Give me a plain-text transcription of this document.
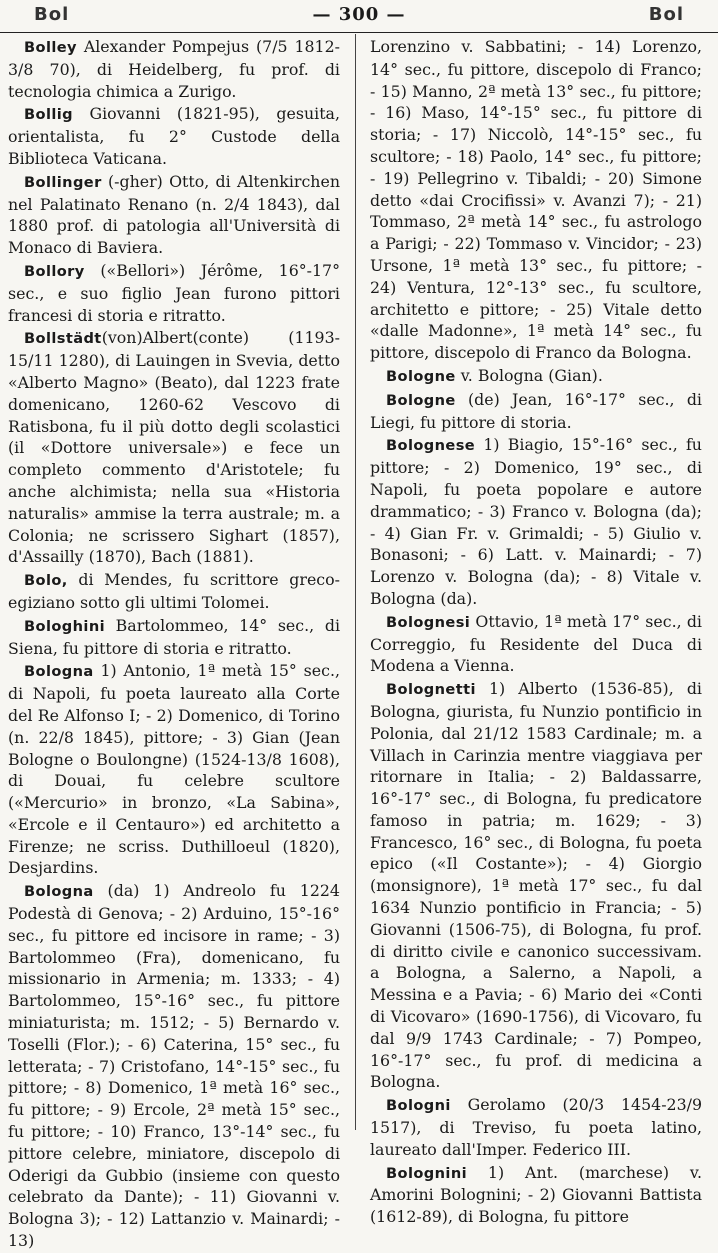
Bol	— 300 —	Bol

Bolley Alexander Pompejus (7/5 1812-3/8 70), di Heidelberg, fu prof. di tecnologia chimica a Zurigo.

Bollig Giovanni (1821-95), gesuita, orientalista, fu 2° Custode della Biblioteca Vaticana.

Bollinger (-gher) Otto, di Altenkirchen nel Palatinato Renano (n. 2/4 1843), dal 1880 prof. di patologia all'Università di Monaco di Baviera.

Bollory («Bellori») Jérôme, 16°-17° sec., e suo figlio Jean furono pittori francesi di storia e ritratto.

Bollstädt(von)Albert(conte) (1193-15/11 1280), di Lauingen in Svevia, detto «Alberto Magno» (Beato), dal 1223 frate domenicano, 1260-62 Vescovo di Ratisbona, fu il più dotto degli scolastici (il «Dottore universale») e fece un completo commento d'Aristotele; fu anche alchimista; nella sua «Historia naturalis» ammise la terra australe; m. a Colonia; ne scrissero Sighart (1857), d'Assailly (1870), Bach (1881).

Bolo, di Mendes, fu scrittore greco-egiziano sotto gli ultimi Tolomei.

Bologhini Bartolommeo, 14° sec., di Siena, fu pittore di storia e ritratto.

Bologna 1) Antonio, 1ª metà 15° sec., di Napoli, fu poeta laureato alla Corte del Re Alfonso I; - 2) Domenico, di Torino (n. 22/8 1845), pittore; - 3) Gian (Jean Bologne o Boulongne) (1524-13/8 1608), di Douai, fu celebre scultore («Mercurio» in bronzo, «La Sabina», «Ercole e il Centauro») ed architetto a Firenze; ne scriss. Duthilloeul (1820), Desjardins.

Bologna (da) 1) Andreolo fu 1224 Podestà di Genova; - 2) Arduino, 15°-16° sec., fu pittore ed incisore in rame; - 3) Bartolommeo (Fra), domenicano, fu missionario in Armenia; m. 1333; - 4) Bartolommeo, 15°-16° sec., fu pittore miniaturista; m. 1512; - 5) Bernardo v. Toselli (Flor.); - 6) Caterina, 15° sec., fu letterata; - 7) Cristofano, 14°-15° sec., fu pittore; - 8) Domenico, 1ª metà 16° sec., fu pittore; - 9) Ercole, 2ª metà 15° sec., fu pittore; - 10) Franco, 13°-14° sec., fu pittore celebre, miniatore, discepolo di Oderigi da Gubbio (insieme con questo celebrato da Dante); - 11) Giovanni v. Bologna 3); - 12) Lattanzio v. Mainardi; - 13)

Lorenzino v. Sabbatini; - 14) Lorenzo, 14° sec., fu pittore, discepolo di Franco; - 15) Manno, 2ª metà 13° sec., fu pittore; - 16) Maso, 14°-15° sec., fu pittore di storia; - 17) Niccolò, 14°-15° sec., fu scultore; - 18) Paolo, 14° sec., fu pittore; - 19) Pellegrino v. Tibaldi; - 20) Simone detto «dai Crocifissi» v. Avanzi 7); - 21) Tommaso, 2ª metà 14° sec., fu astrologo a Parigi; - 22) Tommaso v. Vincidor; - 23) Ursone, 1ª metà 13° sec., fu pittore; - 24) Ventura, 12°-13° sec., fu scultore, architetto e pittore; - 25) Vitale detto «dalle Madonne», 1ª metà 14° sec., fu pittore, discepolo di Franco da Bologna.

Bologne v. Bologna (Gian).

Bologne (de) Jean, 16°-17° sec., di Liegi, fu pittore di storia.

Bolognese 1) Biagio, 15°-16° sec., fu pittore; - 2) Domenico, 19° sec., di Napoli, fu poeta popolare e autore drammatico; - 3) Franco v. Bologna (da); - 4) Gian Fr. v. Grimaldi; - 5) Giulio v. Bonasoni; - 6) Latt. v. Mainardi; - 7) Lorenzo v. Bologna (da); - 8) Vitale v. Bologna (da).

Bolognesi Ottavio, 1ª metà 17° sec., di Correggio, fu Residente del Duca di Modena a Vienna.

Bolognetti 1) Alberto (1536-85), di Bologna, giurista, fu Nunzio pontificio in Polonia, dal 21/12 1583 Cardinale; m. a Villach in Carinzia mentre viaggiava per ritornare in Italia; - 2) Baldassarre, 16°-17° sec., di Bologna, fu predicatore famoso in patria; m. 1629; - 3) Francesco, 16° sec., di Bologna, fu poeta epico («Il Costante»); - 4) Giorgio (monsignore), 1ª metà 17° sec., fu dal 1634 Nunzio pontificio in Francia; - 5) Giovanni (1506-75), di Bologna, fu prof. di diritto civile e canonico successivam. a Bologna, a Salerno, a Napoli, a Messina e a Pavia; - 6) Mario dei «Conti di Vicovaro» (1690-1756), di Vicovaro, fu dal 9/9 1743 Cardinale; - 7) Pompeo, 16°-17° sec., fu prof. di medicina a Bologna.

Bologni Gerolamo (20/3 1454-23/9 1517), di Treviso, fu poeta latino, laureato dall'Imper. Federico III.

Bolognini 1) Ant. (marchese) v. Amorini Bolognini; - 2) Giovanni Battista (1612-89), di Bologna, fu pittore
